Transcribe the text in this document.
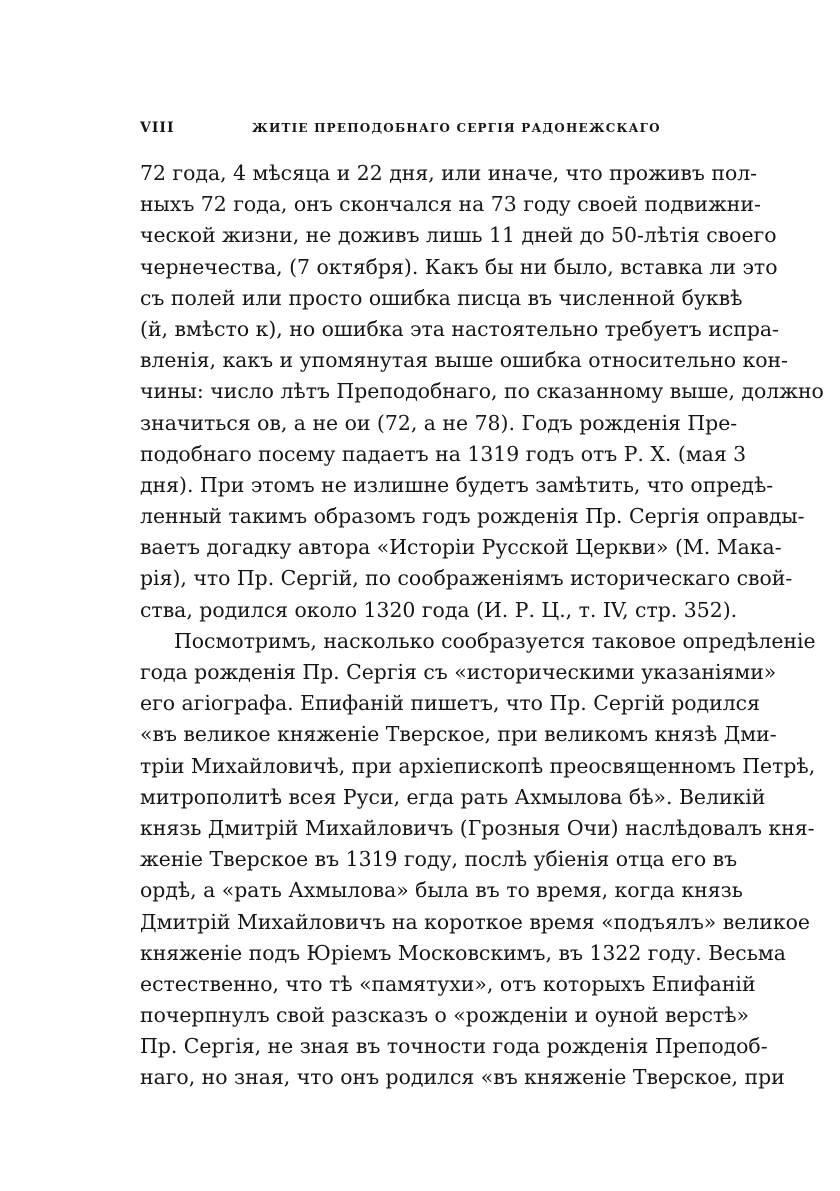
VIII	ЖИТІЕ ПРЕПОДОБНАГО СЕРГІЯ РАДОНЕЖСКАГО
72 года, 4 мѣсяца и 22 дня, или иначе, что проживъ пол-
ныхъ 72 года, онъ скончался на 73 году своей подвижни-
ческой жизни, не доживъ лишь 11 дней до 50-лѣтія своего
чернечества, (7 октября). Какъ бы ни было, вставка ли это
съ полей или просто ошибка писца въ численной буквѣ
(й, вмѣсто к), но ошибка эта настоятельно требуетъ испра-
вленія, какъ и упомянутая выше ошибка относительно кон-
чины: число лѣтъ Преподобнаго, по сказанному выше, должно
значиться ов, а не ои (72, а не 78). Годъ рожденія Пре-
подобнаго посему падаетъ на 1319 годъ отъ Р. Х. (мая 3
дня). При этомъ не излишне будетъ замѣтить, что опредѣ-
ленный такимъ образомъ годъ рожденія Пр. Сергія оправды-
ваетъ догадку автора «Исторіи Русской Церкви» (М. Мака-
рія), что Пр. Сергій, по соображеніямъ историческаго свой-
ства, родился около 1320 года (И. Р. Ц., т. IV, стр. 352).
Посмотримъ, насколько сообразуется таковое опредѣленіе
года рожденія Пр. Сергія съ «историческими указаніями»
его агіографа. Епифаній пишетъ, что Пр. Сергій родился
«въ великое княженіе Тверское, при великомъ князѣ Дми-
тріи Михайловичѣ, при архіепископѣ преосвященномъ Петрѣ,
митрополитѣ всея Руси, егда рать Ахмылова бѣ». Великій
князь Дмитрій Михайловичъ (Грозныя Очи) наслѣдовалъ кня-
женіе Тверское въ 1319 году, послѣ убіенія отца его въ
ордѣ, а «рать Ахмылова» была въ то время, когда князь
Дмитрій Михайловичъ на короткое время «подъялъ» великое
княженіе подъ Юріемъ Московскимъ, въ 1322 году. Весьма
естественно, что тѣ «памятухи», отъ которыхъ Епифаній
почерпнулъ свой разсказъ о «рожденіи и оуной верстѣ»
Пр. Сергія, не зная въ точности года рожденія Преподоб-
наго, но зная, что онъ родился «въ княженіе Тверское, при
